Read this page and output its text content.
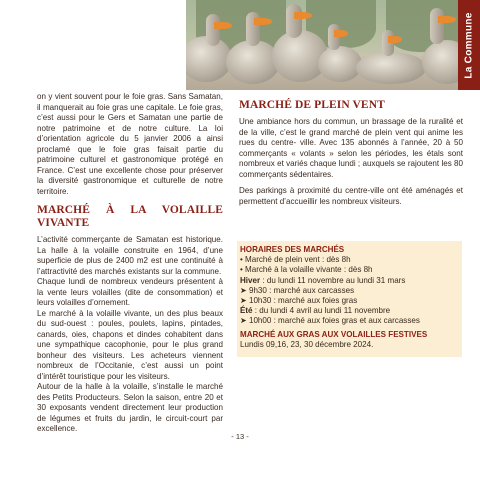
La Commune

on y vient souvent pour le foie gras. Sans Samatan, il manquerait au foie gras une capitale. Le foie gras, c’est aussi pour le Gers et Samatan une partie de notre patrimoine et de notre culture. La loi d’orientation agricole du 5 janvier 2006 a ainsi proclamé que le foie gras faisait partie du patrimoine culturel et gastronomique protégé en France. C’est une excellente chose pour préserver la diversité gastronomique et culturelle de notre territoire.

MARCHÉ À LA VOLAILLE VIVANTE

L’activité commerçante de Samatan est historique. La halle à la volaille construite en 1964, d’une superficie de plus de 2400 m2 est une continuité à l’attractivité des marchés existants sur la commune.

Chaque lundi de nombreux vendeurs présentent à la vente leurs volailles (dite de consommation) et leurs volailles d’ornement.

Le marché à la volaille vivante, un des plus beaux du sud-ouest : poules, poulets, lapins, pintades, canards, oies, chapons et dindes cohabitent dans une sympathique cacophonie, pour le plus grand bonheur des visiteurs. Les acheteurs viennent nombreux de l’Occitanie, c’est aussi un point d’intérêt touristique pour les visiteurs.

Autour de la halle à la volaille, s’installe le marché des Petits Producteurs. Selon la saison, entre 20 et 30 exposants vendent directement leur production de légumes et fruits du jardin, le circuit-court par excellence.

MARCHÉ DE PLEIN VENT

Une ambiance hors du commun, un brassage de la ruralité et de la ville, c’est le grand marché de plein vent qui anime les rues du centre- ville. Avec 135 abonnés à l’année, 20 à 50 commerçants « volants » selon les périodes, les étals sont nombreux et variés chaque lundi ; auxquels se rajoutent les 80 commerçants sédentaires.

Des parkings à proximité du centre-ville ont été aménagés et permettent d’accueillir les nombreux visiteurs.

HORAIRES DES MARCHÉS
• Marché de plein vent : dès 8h
• Marché à la volaille vivante : dès 8h
Hiver : du lundi 11 novembre au lundi 31 mars
➤ 9h30 : marché aux carcasses
➤ 10h30 : marché aux foies gras
Été : du lundi 4 avril au lundi 11 novembre
➤ 10h00 : marché aux foies gras et aux carcasses
MARCHÉ AUX GRAS AUX VOLAILLES FESTIVES
Lundis 09,16, 23, 30 décembre 2024.
- 13 -
